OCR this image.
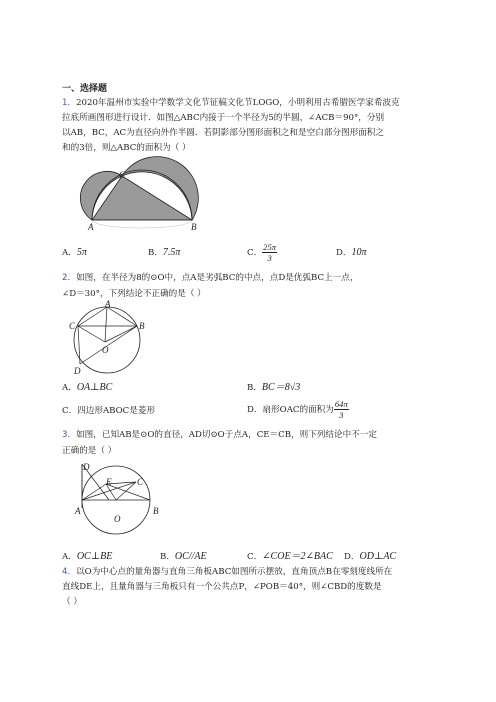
一、选择题
1．2020年温州市实验中学数学文化节征稿文化节LOGO，小明利用古希腊医学家希波克
拉底所画图形进行设计．如图△ABC内接于一个半径为5的半圆，∠ACB＝90°，分别
以AB，BC，AC为直径向外作半圆．若阴影部分图形面积之和是空白部分图形面积之
和的3倍，则△ABC的面积为（ ）
C
A	B
A．5π	B．7.5π	C． $\frac{25\pi}{3}$	D．10π
2．如图，在半径为8的⊙O中，点A是劣弧BC的中点，点D是优弧BC上一点，
∠D＝30°，下列结论不正确的是（ ）
A
C	B
O
D
A．OA⊥BC	B．BC＝8√3
C．四边形ABOC是菱形	D．扇形OAC的面积为 $\frac{64\pi}{3}$
3．如图，已知AB是⊙O的直径，AD切⊙O于点A，CE＝CB，则下列结论中不一定
正确的是（ ）
D
E	C
A	B
O
A．OC⊥BE	B．OC//AE	C．∠COE＝2∠BAC D．OD⊥AC
4．以O为中心点的量角器与直角三角板ABC如图所示摆放，直角顶点B在零刻度线所在
直线DE上，且量角器与三角板只有一个公共点P，∠POB＝40°，则∠CBD的度数是
（ ）
